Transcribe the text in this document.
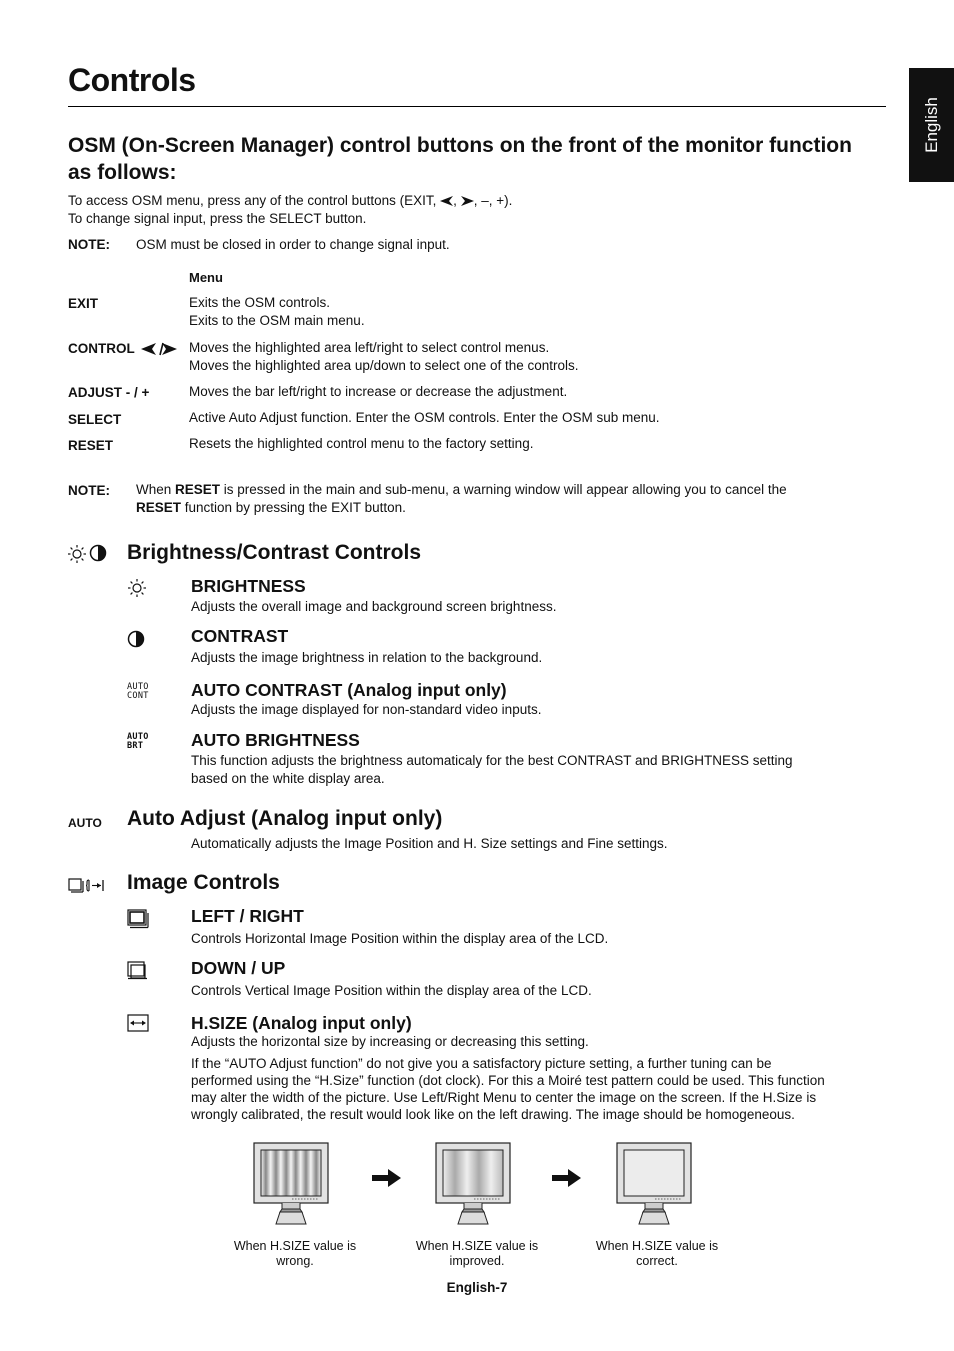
Controls
English
OSM (On-Screen Manager) control buttons on the front of the monitor function as follows:
To access OSM menu, press any of the control buttons (EXIT, , , –, +).
To change signal input, press the SELECT button.
NOTE: OSM must be closed in order to change signal input.
Menu
EXIT	Exits the OSM controls.
Exits to the OSM main menu.
CONTROL	Moves the highlighted area left/right to select control menus.
Moves the highlighted area up/down to select one of the controls.
ADJUST - / +	Moves the bar left/right to increase or decrease the adjustment.
SELECT	Active Auto Adjust function. Enter the OSM controls. Enter the OSM sub menu.
RESET	Resets the highlighted control menu to the factory setting.
NOTE: When RESET is pressed in the main and sub-menu, a warning window will appear allowing you to cancel the
RESET function by pressing the EXIT button.
Brightness/Contrast Controls
BRIGHTNESS
Adjusts the overall image and background screen brightness.
CONTRAST
Adjusts the image brightness in relation to the background.
AUTO
CONT AUTO CONTRAST (Analog input only)
Adjusts the image displayed for non-standard video inputs.
AUTO
BRT	AUTO BRIGHTNESS
This function adjusts the brightness automaticaly for the best CONTRAST and BRIGHTNESS setting
based on the white display area.
AUTO Auto Adjust (Analog input only)
Automatically adjusts the Image Position and H. Size settings and Fine settings.
Image Controls
LEFT / RIGHT
Controls Horizontal Image Position within the display area of the LCD.
DOWN / UP
Controls Vertical Image Position within the display area of the LCD.
H.SIZE (Analog input only)
Adjusts the horizontal size by increasing or decreasing this setting.
If the “AUTO Adjust function” do not give you a satisfactory picture setting, a further tuning can be
performed using the “H.Size” function (dot clock). For this a Moiré test pattern could be used. This function
may alter the width of the picture. Use Left/Right Menu to center the image on the screen. If the H.Size is
wrongly calibrated, the result would look like on the left drawing. The image should be homogeneous.
When H.SIZE value is
wrong.
When H.SIZE value is
improved.
When H.SIZE value is
correct.
English-7
